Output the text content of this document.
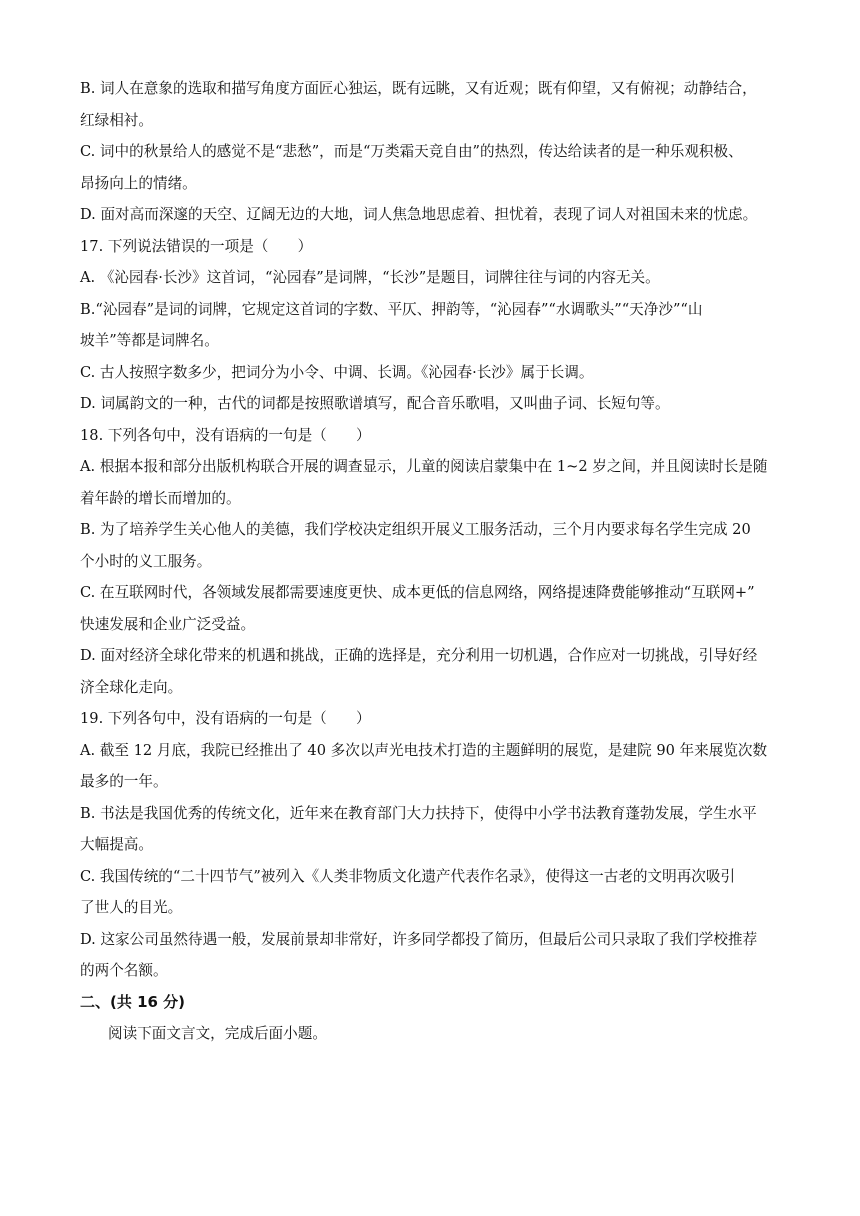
B. 词人在意象的选取和描写角度方面匠心独运，既有远眺，又有近观；既有仰望，又有俯视；动静结合，
红绿相衬。
C. 词中的秋景给人的感觉不是“悲愁”，而是“万类霜天竞自由”的热烈，传达给读者的是一种乐观积极、
昂扬向上的情绪。
D. 面对高而深邃的天空、辽阔无边的大地，词人焦急地思虑着、担忧着，表现了词人对祖国未来的忧虑。
17. 下列说法错误的一项是（　　）
A. 《沁园春·长沙》这首词，“沁园春”是词牌，“长沙”是题目，词牌往往与词的内容无关。
B.“沁园春”是词的词牌，它规定这首词的字数、平仄、押韵等，“沁园春”“水调歌头”“天净沙”“山
坡羊”等都是词牌名。
C. 古人按照字数多少，把词分为小令、中调、长调。《沁园春·长沙》属于长调。
D. 词属韵文的一种，古代的词都是按照歌谱填写，配合音乐歌唱，又叫曲子词、长短句等。
18. 下列各句中，没有语病的一句是（　　）
A. 根据本报和部分出版机构联合开展的调查显示，儿童的阅读启蒙集中在 1~2 岁之间，并且阅读时长是随
着年龄的增长而增加的。
B. 为了培养学生关心他人的美德，我们学校决定组织开展义工服务活动，三个月内要求每名学生完成 20
个小时的义工服务。
C. 在互联网时代，各领域发展都需要速度更快、成本更低的信息网络，网络提速降费能够推动“互联网+”
快速发展和企业广泛受益。
D. 面对经济全球化带来的机遇和挑战，正确的选择是，充分利用一切机遇，合作应对一切挑战，引导好经
济全球化走向。
19. 下列各句中，没有语病的一句是（　　）
A. 截至 12 月底，我院已经推出了 40 多次以声光电技术打造的主题鲜明的展览，是建院 90 年来展览次数
最多的一年。
B. 书法是我国优秀的传统文化，近年来在教育部门大力扶持下，使得中小学书法教育蓬勃发展，学生水平
大幅提高。
C. 我国传统的“二十四节气”被列入《人类非物质文化遗产代表作名录》，使得这一古老的文明再次吸引
了世人的目光。
D. 这家公司虽然待遇一般，发展前景却非常好，许多同学都投了简历，但最后公司只录取了我们学校推荐
的两个名额。
二、(共 16 分)
阅读下面文言文，完成后面小题。
